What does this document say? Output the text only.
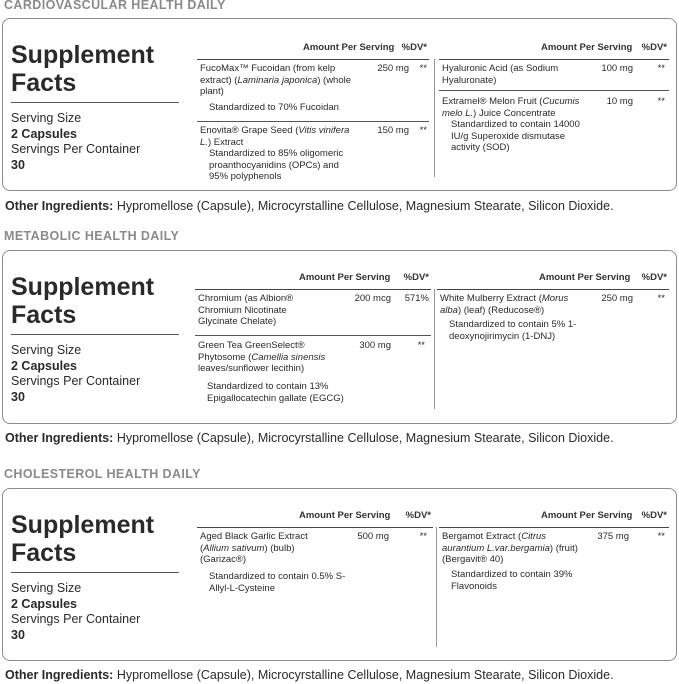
CARDIOVASCULAR HEALTH DAILY
Supplement
Facts
Serving Size
2 Capsules
Servings Per Container
30
Amount Per Serving %DV*
FucoMax™ Fucoidan (from kelp
extract) (Laminaria japonica) (whole
plant)
250 mg **
Standardized to 70% Fucoidan
Enovita® Grape Seed (Vitis vinifera
L.) Extract
150 mg **
Standardized to 85% oligomeric
proanthocyanidins (OPCs) and
95% polyphenols
Amount Per Serving %DV*
Hyaluronic Acid (as Sodium
Hyaluronate)
100 mg	**
Extramel® Melon Fruit (Cucumis
melo L.) Juice Concentrate
10 mg	**
Standardized to contain 14000
IU/g Superoxide dismutase
activity (SOD)
Other Ingredients: Hypromellose (Capsule), Microcyrstalline Cellulose, Magnesium Stearate, Silicon Dioxide.
METABOLIC HEALTH DAILY
Supplement
Facts
Serving Size
2 Capsules
Servings Per Container
30
Amount Per Serving %DV*
Chromium (as Albion®
Chromium Nicotinate
Glycinate Chelate)
200 mcg 571%
Green Tea GreenSelect®
Phytosome (Camellia sinensis
leaves/sunflower lecithin)
300 mg	**
Standardized to contain 13%
Epigallocatechin gallate (EGCG)
Amount Per Serving %DV*
White Mulberry Extract (Morus
alba) (leaf) (Reducose®)
250 mg	**
Standardized to contain 5% 1-
deoxynojirimycin (1-DNJ)
Other Ingredients: Hypromellose (Capsule), Microcyrstalline Cellulose, Magnesium Stearate, Silicon Dioxide.
CHOLESTEROL HEALTH DAILY
Supplement
Facts
Serving Size
2 Capsules
Servings Per Container
30
Amount Per Serving %DV*
Aged Black Garlic Extract
(Allium sativum) (bulb)
(Garizac®)
500 mg	**
Standardized to contain 0.5% S-
Allyl-L-Cysteine
Amount Per Serving %DV*
Bergamot Extract (Citrus
aurantium L.var.bergamia) (fruit)
(Bergavit® 40)
375 mg	**
Standardized to contain 39%
Flavonoids
Other Ingredients: Hypromellose (Capsule), Microcyrstalline Cellulose, Magnesium Stearate, Silicon Dioxide.
